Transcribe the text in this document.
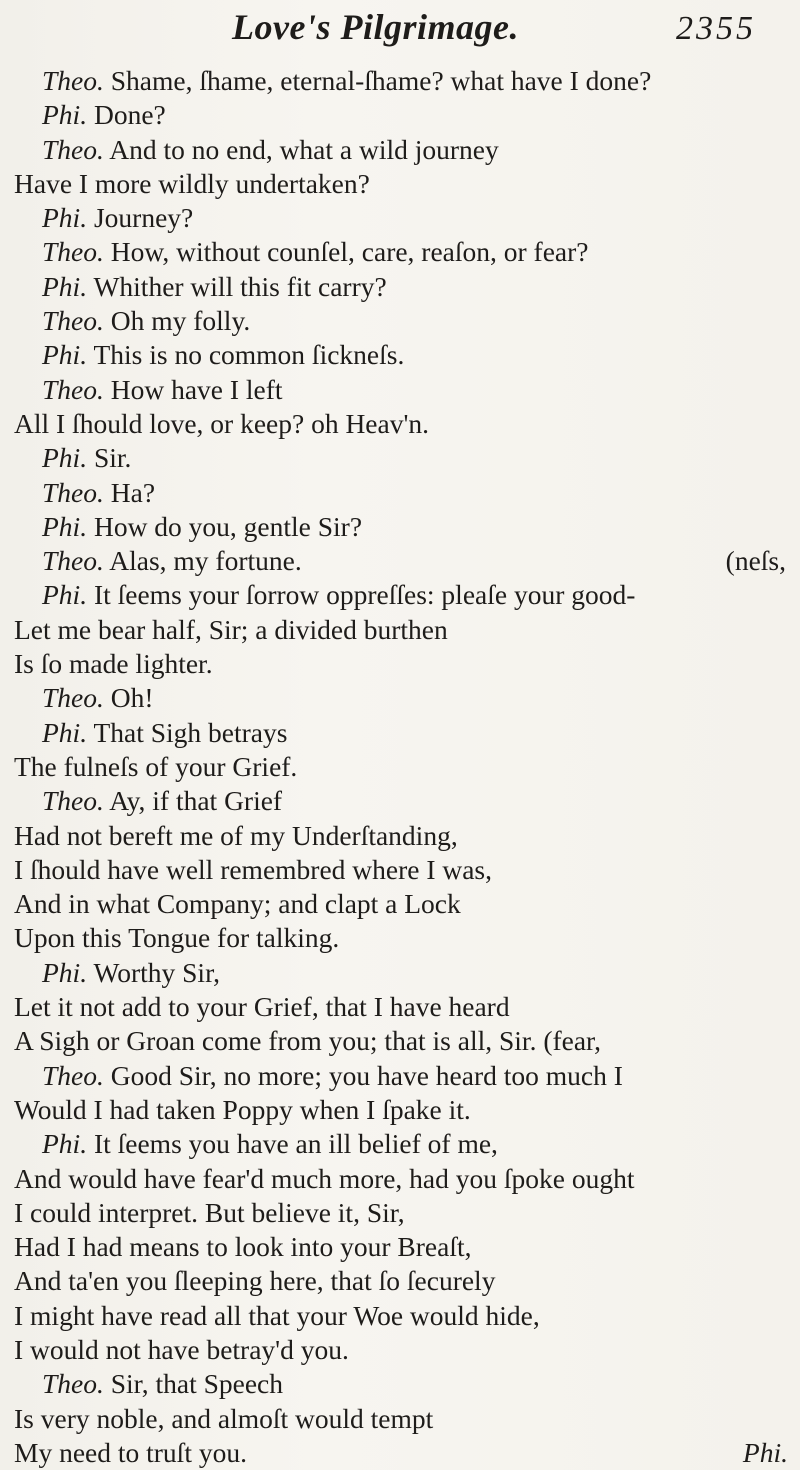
Love's Pilgrimage.	2355
Theo. Shame, ſhame, eternal-ſhame? what have I done?
Phi. Done?
Theo. And to no end, what a wild journey
Have I more wildly undertaken?
Phi. Journey?
Theo. How, without counſel, care, reaſon, or fear?
Phi. Whither will this fit carry?
Theo. Oh my folly.
Phi. This is no common ſickneſs.
Theo. How have I left
All I ſhould love, or keep? oh Heav'n.
Phi. Sir.
Theo. Ha?
Phi. How do you, gentle Sir?
Theo. Alas, my fortune.	(neſs,
Phi. It ſeems your ſorrow oppreſſes: pleaſe your good-
Let me bear half, Sir; a divided burthen
Is ſo made lighter.
Theo. Oh!
Phi. That Sigh betrays
The fulneſs of your Grief.
Theo. Ay, if that Grief
Had not bereft me of my Underſtanding,
I ſhould have well remembred where I was,
And in what Company; and clapt a Lock
Upon this Tongue for talking.
Phi. Worthy Sir,
Let it not add to your Grief, that I have heard
A Sigh or Groan come from you; that is all, Sir. (fear,
Theo. Good Sir, no more; you have heard too much I
Would I had taken Poppy when I ſpake it.
Phi. It ſeems you have an ill belief of me,
And would have fear'd much more, had you ſpoke ought
I could interpret. But believe it, Sir,
Had I had means to look into your Breaſt,
And ta'en you ſleeping here, that ſo ſecurely
I might have read all that your Woe would hide,
I would not have betray'd you.
Theo. Sir, that Speech
Is very noble, and almoſt would tempt
My need to truſt you.	Phi.
